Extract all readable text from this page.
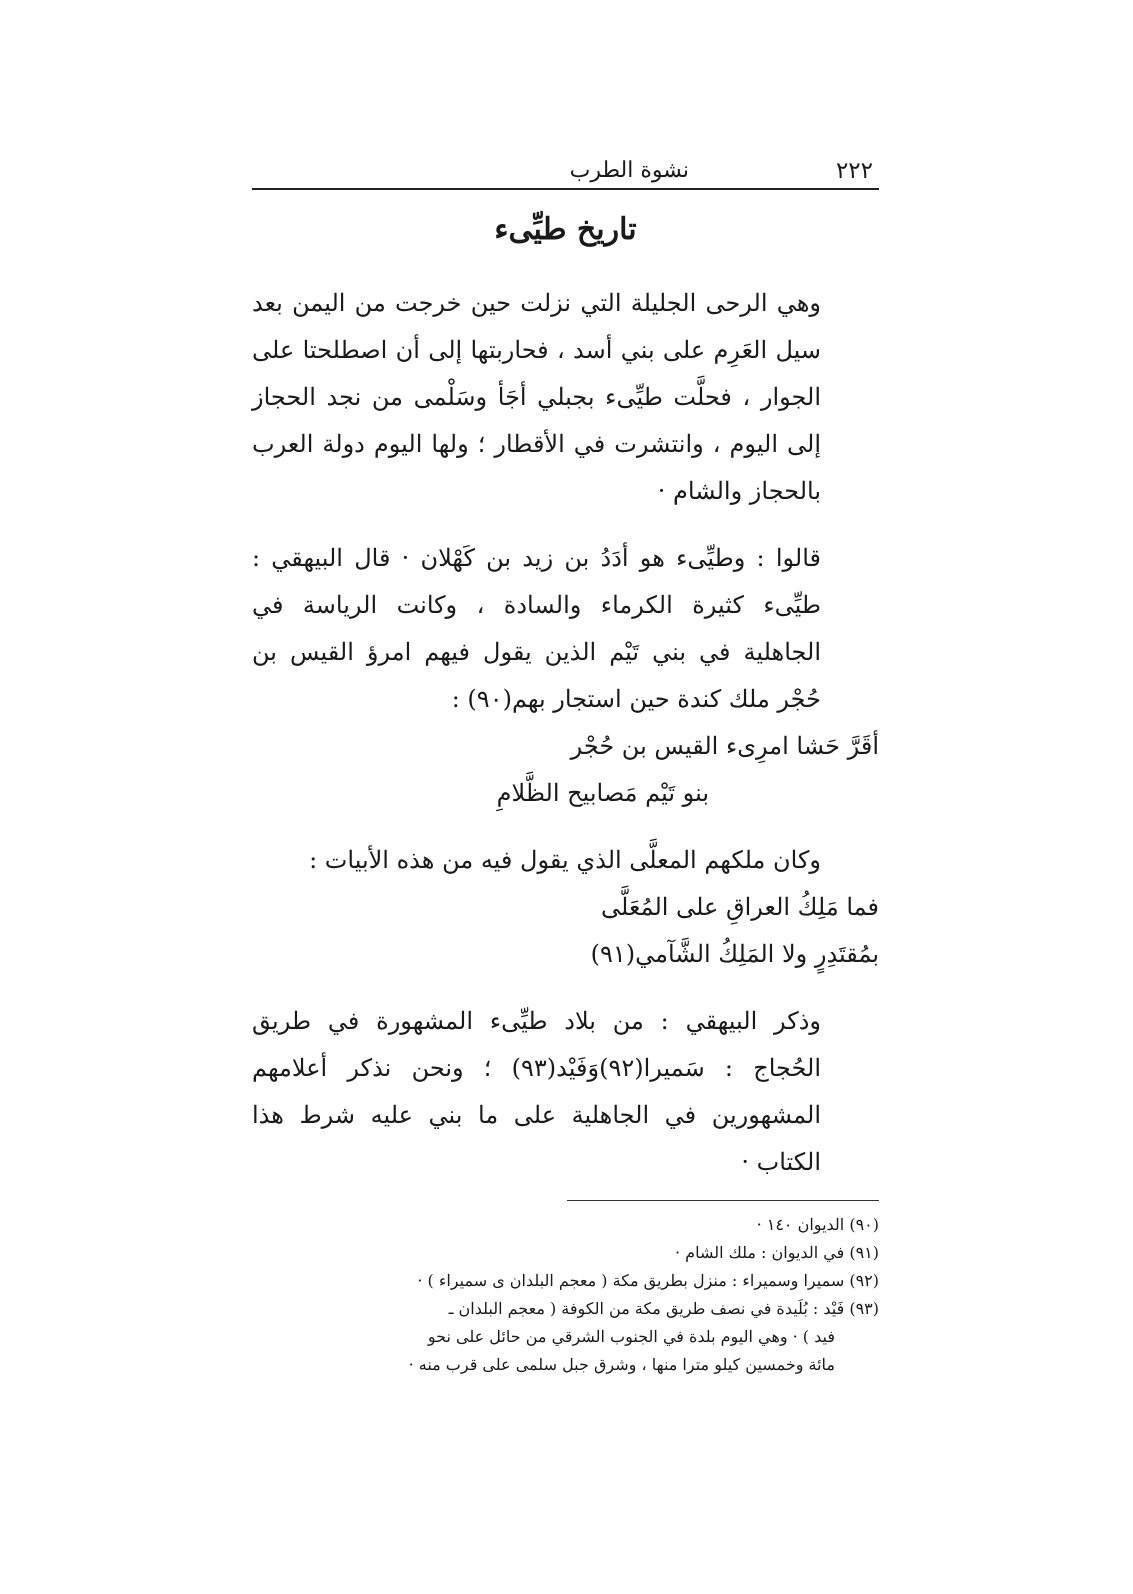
٢٢٢
نشوة الطرب
تاريخ طيِّىء

وهي الرحى الجليلة التي نزلت حين خرجت من اليمن بعد سيل العَرِم على بني أسد ، فحاربتها إلى أن اصطلحتا على الجوار ، فحلَّت طيِّىء بجبلي أجَأ وسَلْمى من نجد الحجاز إلى اليوم ، وانتشرت في الأقطار ؛ ولها اليوم دولة العرب بالحجاز والشام ·

قالوا : وطيِّىء هو أدَدُ بن زيد بن كَهْلان · قال البيهقي : طيِّىء كثيرة الكرماء والسادة ، وكانت الرياسة في الجاهلية في بني تَيْم الذين يقول فيهم امرؤ القيس بن حُجْر ملك كندة حين استجار بهم(٩٠) :

أقَرَّ حَشا امرِىء القيس بن حُجْر
بنو تَيْم مَصابيح الظَّلامِ

وكان ملكهم المعلَّى الذي يقول فيه من هذه الأبيات :

فما مَلِكُ العراقِ على المُعَلَّى
بمُقتَدِرٍ ولا المَلِكُ الشَّآمي(٩١)

وذكر البيهقي : من بلاد طيِّىء المشهورة في طريق الحُجاج : سَميرا(٩٢)وَفَيْد(٩٣) ؛ ونحن نذكر أعلامهم المشهورين في الجاهلية على ما بني عليه شرط هذا الكتاب ·

(٩٠) الديوان ١٤٠ ·
(٩١) في الديوان : ملك الشام ·
(٩٢) سميرا وسميراء : منزل بطريق مكة ( معجم البلدان ى سميراء ) ·
(٩٣) فَيْد : بُلَيدة في نصف طريق مكة من الكوفة ( معجم البلدان ـ
فيد ) · وهي اليوم بلدة في الجنوب الشرقي من حائل على نحو
مائة وخمسين كيلو مترا منها ، وشرق جبل سلمى على قرب منه ·
